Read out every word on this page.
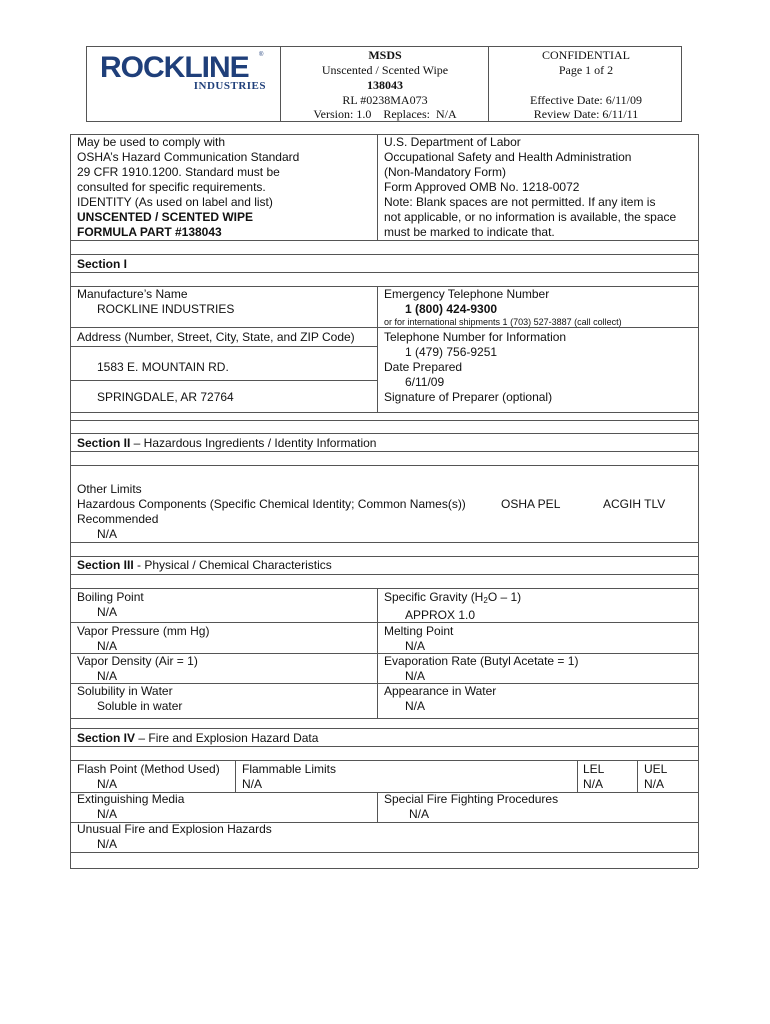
ROCKLINE ®
INDUSTRIES
MSDS
Unscented / Scented Wipe
138043
RL #0238MA073
Version: 1.0    Replaces:  N/A
CONFIDENTIAL
Page 1 of 2
Effective Date: 6/11/09
Review Date: 6/11/11
May be used to comply with
OSHA’s Hazard Communication Standard
29 CFR 1910.1200. Standard must be
consulted for specific requirements.
IDENTITY (As used on label and list)
UNSCENTED / SCENTED WIPE
FORMULA PART #138043
U.S. Department of Labor
Occupational Safety and Health Administration
(Non-Mandatory Form)
Form Approved OMB No. 1218-0072
Note: Blank spaces are not permitted. If any item is
not applicable, or no information is available, the space
must be marked to indicate that.
Section I
Manufacture’s Name
ROCKLINE INDUSTRIES
Emergency Telephone Number
1 (800) 424-9300
or for international shipments 1 (703) 527-3887 (call collect)
Address (Number, Street, City, State, and ZIP Code)
1583 E. MOUNTAIN RD.
SPRINGDALE, AR 72764
Telephone Number for Information
1 (479) 756-9251
Date Prepared
6/11/09
Signature of Preparer (optional)
Section II – Hazardous Ingredients / Identity Information
Other Limits
Hazardous Components (Specific Chemical Identity; Common Names(s))	OSHA PEL	ACGIH TLV
Recommended
N/A
Section III - Physical / Chemical Characteristics
Boiling Point
N/A
Specific Gravity (H2O – 1)
APPROX 1.0
Vapor Pressure (mm Hg)
N/A
Melting Point
N/A
Vapor Density (Air = 1)
N/A
Evaporation Rate (Butyl Acetate = 1)
N/A
Solubility in Water
Soluble in water
Appearance in Water
N/A
Section IV – Fire and Explosion Hazard Data
Flash Point (Method Used)
N/A
Flammable Limits
N/A
LEL
N/A
UEL
N/A
Extinguishing Media
N/A
Special Fire Fighting Procedures
N/A
Unusual Fire and Explosion Hazards
N/A
